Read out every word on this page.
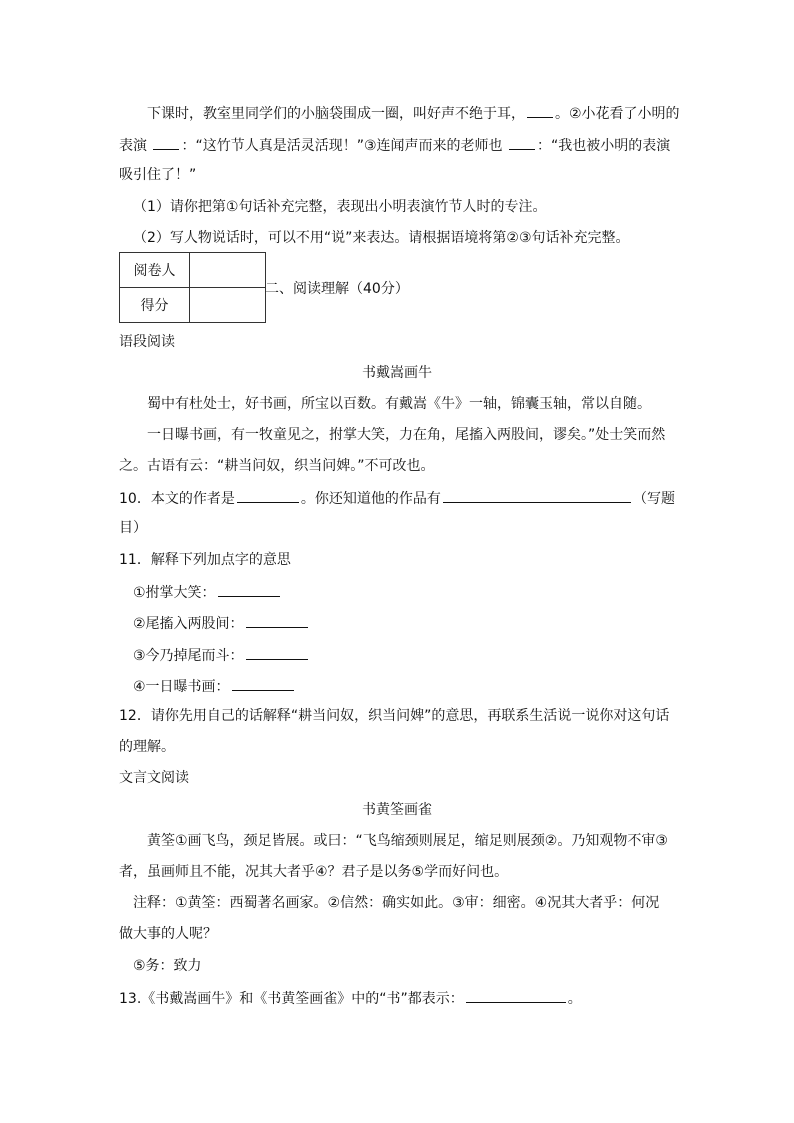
下课时，教室里同学们的小脑袋围成一圈，叫好声不绝于耳， 。②小花看了小明的
表演 ：“这竹节人真是活灵活现！”③连闻声而来的老师也 ：“我也被小明的表演
吸引住了！”
（1）请你把第①句话补充完整，表现出小明表演竹节人时的专注。
（2）写人物说话时，可以不用“说”来表达。请根据语境将第②③句话补充完整。
阅卷人	
得分	
二、阅读理解（40分）
语段阅读
书戴嵩画牛
蜀中有杜处士，好书画，所宝以百数。有戴嵩《牛》一轴，锦囊玉轴，常以自随。
一日曝书画，有一牧童见之，拊掌大笑，力在角，尾搐入两股间，谬矣。”处士笑而然
之。古语有云：“耕当问奴，织当问婢。”不可改也。
10．本文的作者是	。你还知道他的作品有	（写题
目）
11．解释下列加点字的意思
①拊掌大笑：
②尾搐入两股间：
③今乃掉尾而斗：
④一日曝书画：
12．请你先用自己的话解释“耕当问奴，织当问婢”的意思，再联系生活说一说你对这句话
的理解。
文言文阅读
书黄筌画雀
黄筌①画飞鸟，颈足皆展。或曰：“飞鸟缩颈则展足，缩足则展颈②。乃知观物不审③
者，虽画师且不能，况其大者乎④？君子是以务⑤学而好问也。
注释：①黄筌：西蜀著名画家。②信然：确实如此。③审：细密。④况其大者乎：何况
做大事的人呢？
⑤务：致力
13.《书戴嵩画牛》和《书黄筌画雀》中的“书”都表示：	。
